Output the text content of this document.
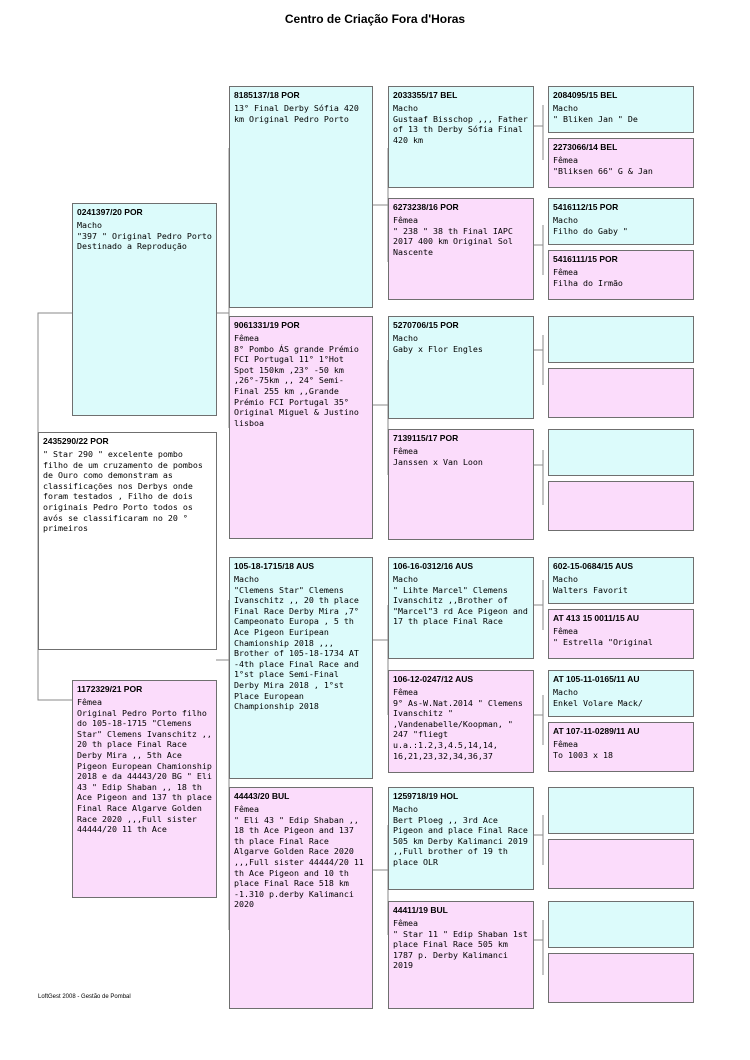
Centro de Criação Fora d'Horas
2435290/22 POR
" Star 290 " excelente pombo filho de um cruzamento de pombos de Ouro como demonstram as classificações nos Derbys onde foram testados , Filho de dois originais Pedro Porto todos os avós se classificaram no 20 ° primeiros
0241397/20 POR
Macho
"397 " Original Pedro Porto Destinado a Reprodução
1172329/21 POR
Fêmea
Original Pedro Porto filho do 105-18-1715 "Clemens Star" Clemens Ivanschitz ,, 20 th place Final Race Derby Mira ,, 5th Ace Pigeon European Chamionship 2018 e da 44443/20 BG " Eli 43 " Edip Shaban ,, 18 th Ace Pigeon and 137 th place Final Race Algarve Golden Race 2020 ,,,Full sister 44444/20 11 th Ace
8185137/18 POR
13° Final Derby Sófia 420 km Original Pedro Porto
9061331/19 POR
Fêmea
8° Pombo ÁS grande Prémio FCI Portugal 11° 1°Hot Spot 150km ,23° -50 km ,26°-75km ,, 24° Semi-Final 255 km ,,Grande Prémio FCI Portugal 35° Original Miguel & Justino lisboa
105-18-1715/18 AUS
Macho
"Clemens Star" Clemens Ivanschitz ,, 20 th place Final Race Derby Mira ,7° Campeonato Europa , 5 th Ace Pigeon Euripean Chamionship 2018 ,,, Brother of 105-18-1734 AT -4th place Final Race and 1°st place Semi-Final Derby Mira 2018 , 1°st Place European Championship 2018
44443/20 BUL
Fêmea
" Eli 43 " Edip Shaban ,, 18 th Ace Pigeon and 137 th place Final Race Algarve Golden Race 2020 ,,,Full sister 44444/20 11 th Ace Pigeon and 10 th place Final Race 518 km -1.310 p.derby Kalimanci 2020
2033355/17 BEL
Macho
Gustaaf Bisschop ,,, Father of 13 th Derby Sófia Final 420 km
6273238/16 POR
Fêmea
" 238 " 38 th Final IAPC 2017 400 km Original Sol Nascente
5270706/15 POR
Macho
Gaby x Flor Engles
7139115/17 POR
Fêmea
Janssen x Van Loon
106-16-0312/16 AUS
Macho
" Lihte Marcel" Clemens Ivanschitz ,,Brother of "Marcel"3 rd Ace Pigeon and 17 th place Final Race
106-12-0247/12 AUS
Fêmea
9° As-W.Nat.2014 " Clemens Ivanschitz " ,Vandenabelle/Koopman, " 247 "fliegt u.a.:1.2,3,4.5,14,14, 16,21,23,32,34,36,37
1259718/19 HOL
Macho
Bert Ploeg ,, 3rd Ace Pigeon and place Final Race 505 km Derby Kalimanci 2019 ,,Full brother of 19 th place OLR
44411/19 BUL
Fêmea
" Star 11 " Edip Shaban 1st place Final Race 505 km 1787 p. Derby Kalimanci 2019
2084095/15 BEL
Macho
" Bliken Jan " De
2273066/14 BEL
Fêmea
"Bliksen 66" G & Jan
5416112/15 POR
Macho
Filho do Gaby "
5416111/15 POR
Fêmea
Filha do Irmão
602-15-0684/15 AUS
Macho
Walters Favorit
AT 413 15 0011/15 AU
Fêmea
" Estrella "Original
AT 105-11-0165/11 AU
Macho
Enkel Volare Mack/
AT 107-11-0289/11 AU
Fêmea
To 1003 x 18
LoftGest 2008 - Gestão de Pombal
